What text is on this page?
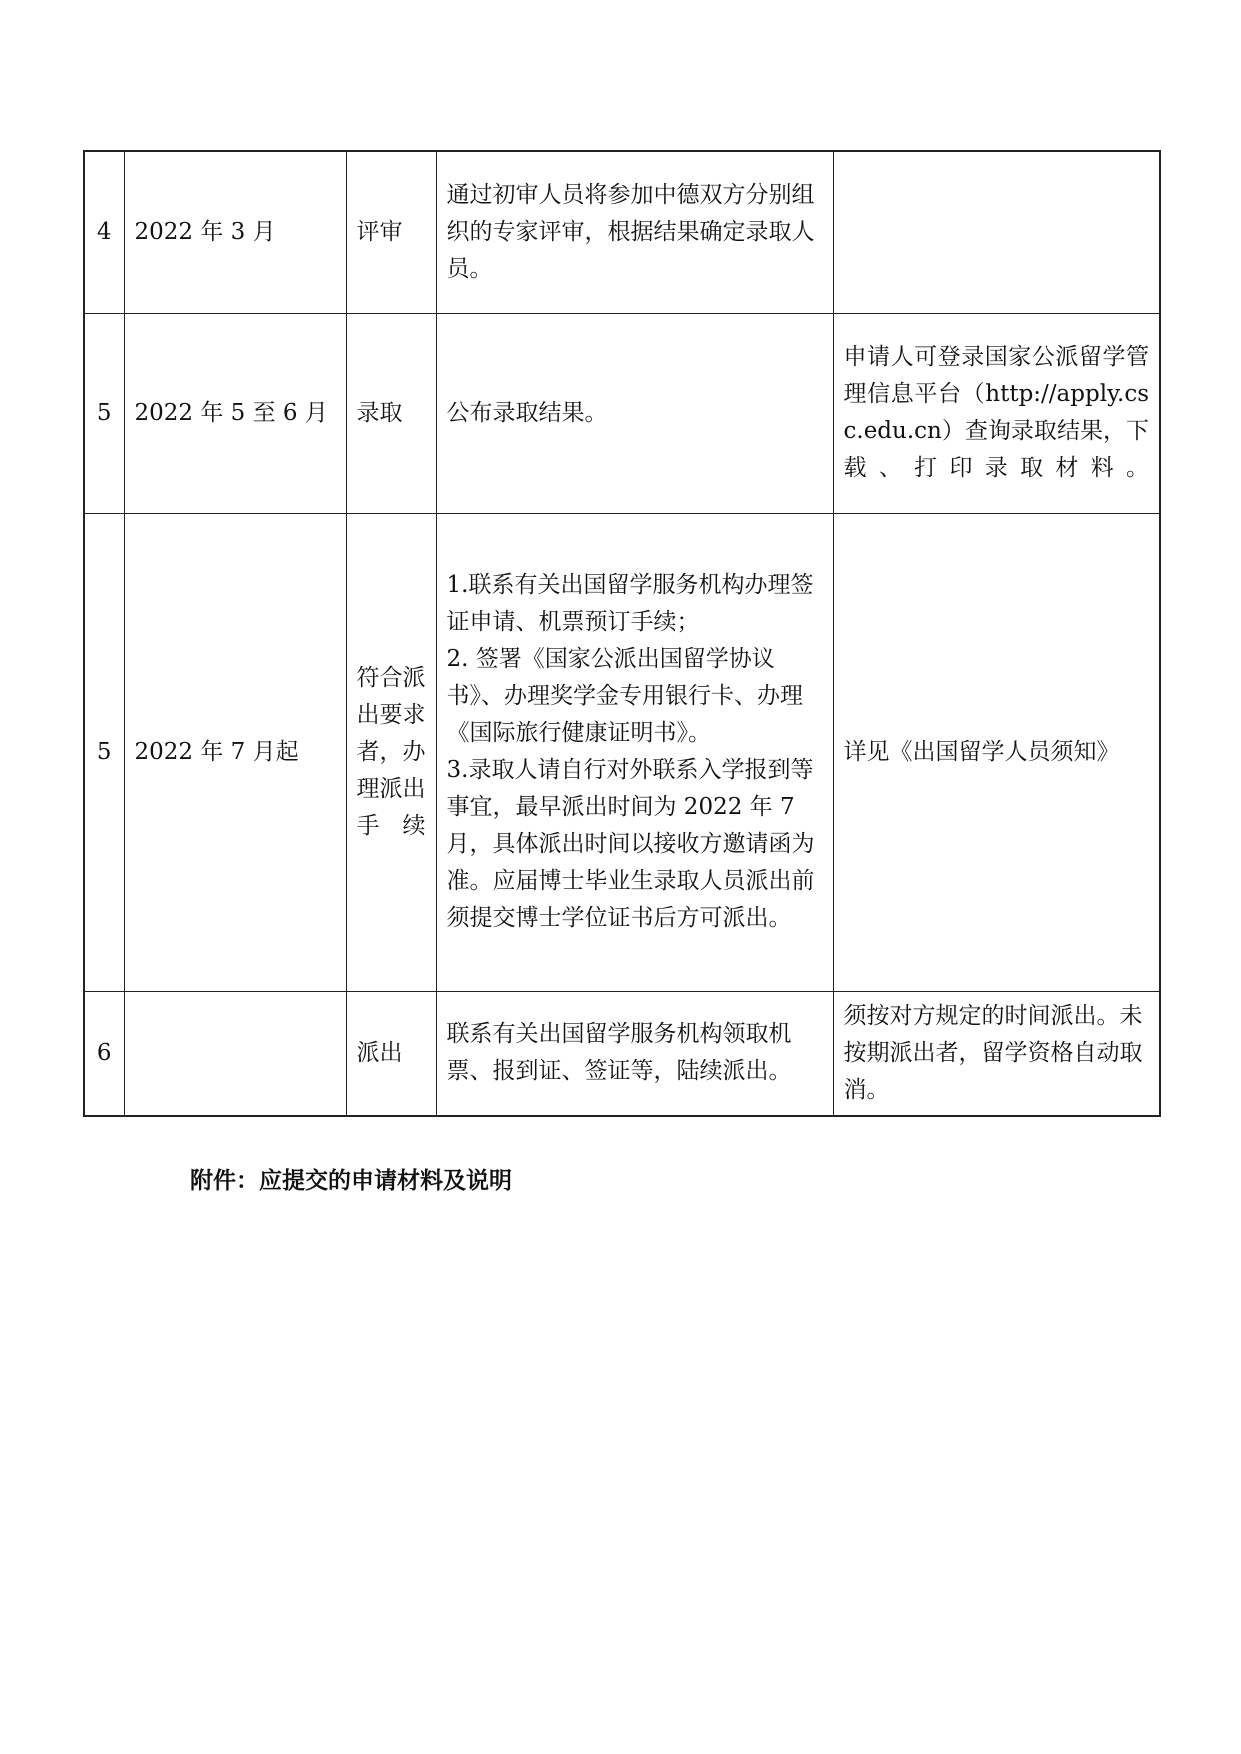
4	2022 年 3 月	评审	通过初审人员将参加中德双方分别组织的专家评审，根据结果确定录取人员。	
5	2022 年 5 至 6 月	录取	公布录取结果。	申请人可登录国家公派留学管理信息平台（http://apply.csc.edu.cn）查询录取结果，下载、打印录取材料。
5	2022 年 7 月起	符合派出要求者，办理派出手续	1.联系有关出国留学服务机构办理签证申请、机票预订手续；
2. 签署《国家公派出国留学协议书》、办理奖学金专用银行卡、办理《国际旅行健康证明书》。
3.录取人请自行对外联系入学报到等事宜，最早派出时间为 2022 年 7 月，具体派出时间以接收方邀请函为准。应届博士毕业生录取人员派出前须提交博士学位证书后方可派出。	详见《出国留学人员须知》
6		派出	联系有关出国留学服务机构领取机票、报到证、签证等，陆续派出。	须按对方规定的时间派出。未按期派出者，留学资格自动取消。

附件：应提交的申请材料及说明
